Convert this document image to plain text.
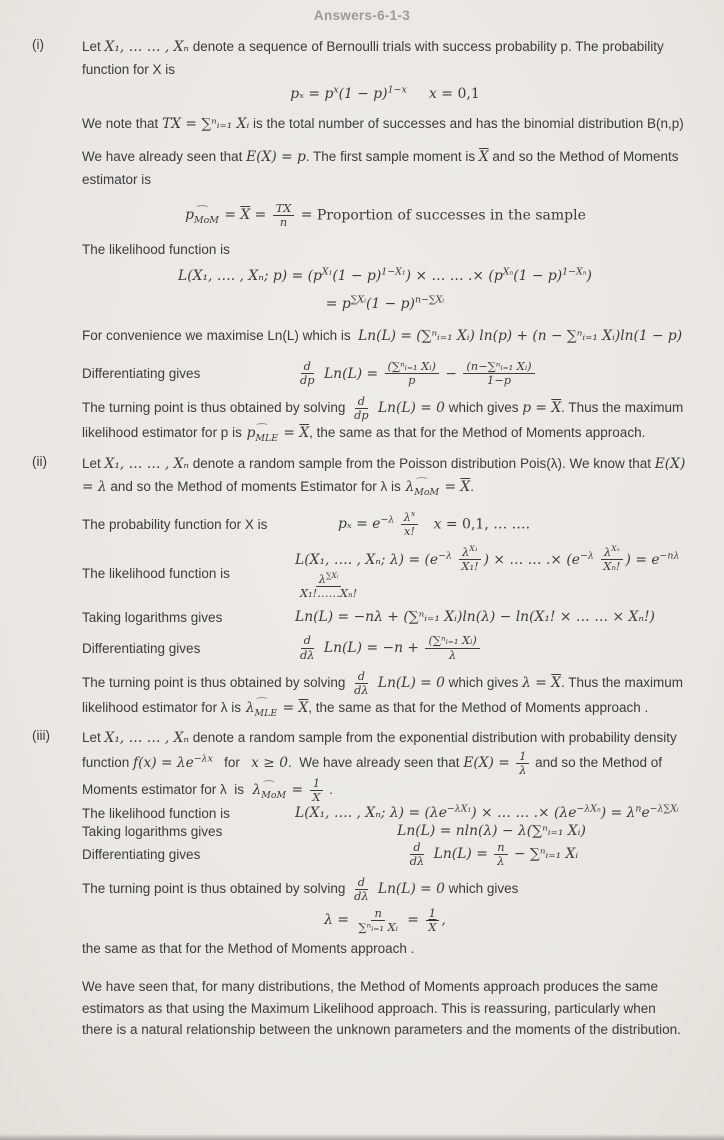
Answers-6-1-3
(i)	Let X₁, … … , Xₙ denote a sequence of Bernoulli trials with success probability p. The probability function for X is

$p_x = p^x(1 - p)^{1-x}$ x = 0,1

We note that TX = ∑ⁿᵢ₌₁ Xᵢ is the total number of successes and has the binomial distribution B(n,p)

We have already seen that E(X) = p. The first sample moment is $\overline{X}$ and so the Method of Moments estimator is

⌢ $p_{MoM} = \overline{X} = \frac{TX}{n}$ = Proportion of successes in the sample

The likelihood function is

L(X₁, …. , Xₙ; $p) = (p^{X_1}(1 - p)^{1-X_1})$ × … … .× $(p^{X_n}(1 - p)^{1-X_n})$
= $p^{\sum Xᵢ}(1 - p)^{n-\sum Xᵢ}$

For convenience we maximise Ln(L) which is  Ln(L) = (∑ⁿᵢ₌₁ Xᵢ) ln(p) + (n − ∑ⁿᵢ₌₁ Xᵢ)ln(1 − p)

Differentiating gives	$\frac{d}{dp} Ln(L) = \frac{\text{(∑ⁿᵢ₌₁ Xᵢ)}}{p} - \frac{\text{(n−∑ⁿᵢ₌₁ Xᵢ)}}{1-p}$

The turning point is thus obtained by solving $\frac{d}{dp} Ln(L) = 0$ which gives $p = \overline{X}$. Thus the maximum likelihood estimator for p is ⌢ $p_{MLE} = \overline{X}$, the same as that for the Method of Moments approach.

(ii)	Let X₁, … … , Xₙ denote a random sample from the Poisson distribution Pois(λ). We know that E(X) = λ and so the Method of moments Estimator for λ is ⌢ $\lambda_{MoM} = \overline{X}$.

The probability function for X is	$p_x = e^{-\lambda} \frac{\lambda^x}{x!}$ x = 0,1, … ….
The likelihood function is
L(X₁, …. , Xₙ; $\lambda) = (e^{-\lambda} \frac{\lambda^{X_1}}{\text{X₁!}}$ ) × … … .× ($e^{-\lambda}$ $\lambda^{X_n}$
Xₙ! ) = $e^{-n\lambda}$
$\frac{\lambda^{\sum Xᵢ}}{\text{X₁!……Xₙ!}}$
Taking logarithms gives	Ln(L) = −nλ + (∑ⁿᵢ₌₁ Xᵢ)ln(λ) − ln(X₁! × … … × Xₙ!)
Differentiating gives	$\frac{d}{d\lambda} Ln(L) = -n + \frac{\text{(∑ⁿᵢ₌₁ Xᵢ)}}{\lambda}$

The turning point is thus obtained by solving $\frac{d}{d\lambda} Ln(L) = 0$ which gives $\lambda = \overline{X}$. Thus the maximum likelihood estimator for λ is ⌢ $\lambda_{MLE} = \overline{X}$, the same as that for the Method of Moments approach .

(iii) Let X₁, … … , Xₙ denote a random sample from the exponential distribution with probability density function $f(x) = \lambda e^{-\lambda x}$   for   x ≥ 0.  We have already seen that $E(X) = \frac{1}{\lambda}$ and so the Method of Moments estimator for λ  is  ⌢ $\lambda_{MoM} = \frac{1}{X}$ .

The likelihood function is	L(X₁, …. , Xₙ; $\lambda) = (\lambda e^{-\lambda X_1})$ × … … .× $(\lambda e^{-\lambda X_n}) = \lambda^ne^{-\lambda\sum Xᵢ}$
Taking logarithms gives	Ln(L) = nln(λ) − λ(∑ⁿᵢ₌₁ Xᵢ)
Differentiating gives	$\frac{d}{d\lambda} Ln(L) = \frac{n}{\lambda}$ − ∑ⁿᵢ₌₁ Xᵢ

The turning point is thus obtained by solving $\frac{d}{d\lambda} Ln(L) = 0$ which gives

$\lambda = \frac{n}{\text{∑ⁿᵢ₌₁ Xᵢ}} = \frac{1}{X}$ ,

the same as that for the Method of Moments approach .

We have seen that, for many distributions, the Method of Moments approach produces the same estimators as that using the Maximum Likelihood approach. This is reassuring, particularly when there is a natural relationship between the unknown parameters and the moments of the distribution.
